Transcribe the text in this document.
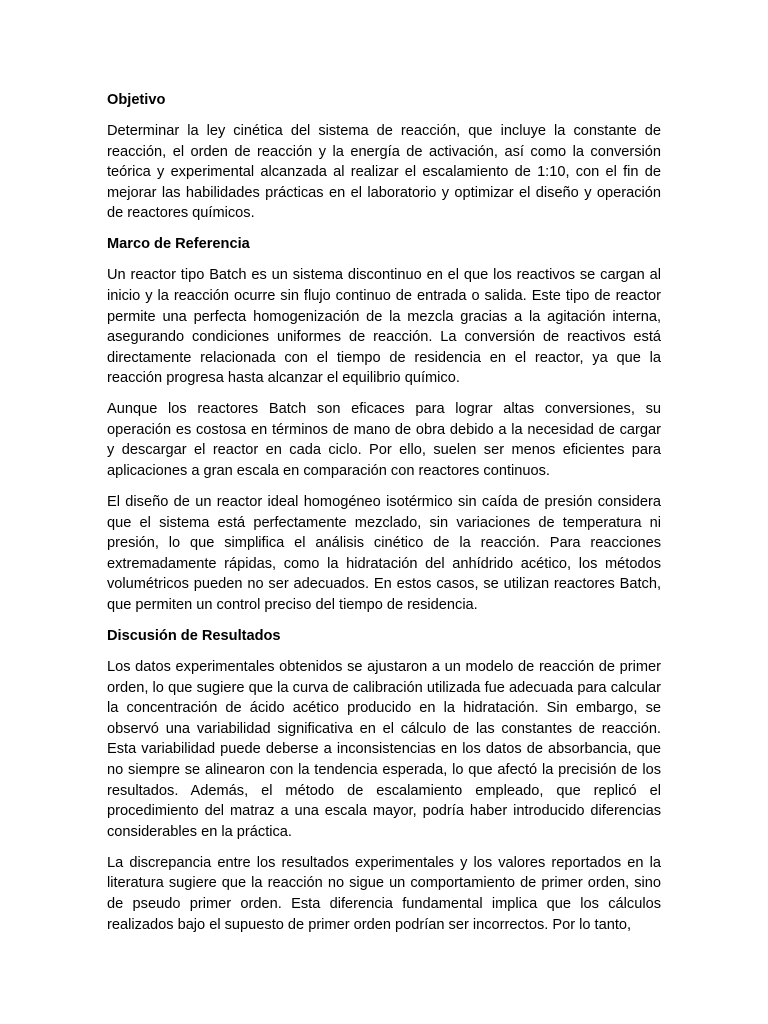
Objetivo

Determinar la ley cinética del sistema de reacción, que incluye la constante de reacción, el orden de reacción y la energía de activación, así como la conversión teórica y experimental alcanzada al realizar el escalamiento de 1:10, con el fin de mejorar las habilidades prácticas en el laboratorio y optimizar el diseño y operación de reactores químicos.

Marco de Referencia

Un reactor tipo Batch es un sistema discontinuo en el que los reactivos se cargan al inicio y la reacción ocurre sin flujo continuo de entrada o salida. Este tipo de reactor permite una perfecta homogenización de la mezcla gracias a la agitación interna, asegurando condiciones uniformes de reacción. La conversión de reactivos está directamente relacionada con el tiempo de residencia en el reactor, ya que la reacción progresa hasta alcanzar el equilibrio químico.

Aunque los reactores Batch son eficaces para lograr altas conversiones, su operación es costosa en términos de mano de obra debido a la necesidad de cargar y descargar el reactor en cada ciclo. Por ello, suelen ser menos eficientes para aplicaciones a gran escala en comparación con reactores continuos.

El diseño de un reactor ideal homogéneo isotérmico sin caída de presión considera que el sistema está perfectamente mezclado, sin variaciones de temperatura ni presión, lo que simplifica el análisis cinético de la reacción. Para reacciones extremadamente rápidas, como la hidratación del anhídrido acético, los métodos volumétricos pueden no ser adecuados. En estos casos, se utilizan reactores Batch, que permiten un control preciso del tiempo de residencia.

Discusión de Resultados

Los datos experimentales obtenidos se ajustaron a un modelo de reacción de primer orden, lo que sugiere que la curva de calibración utilizada fue adecuada para calcular la concentración de ácido acético producido en la hidratación. Sin embargo, se observó una variabilidad significativa en el cálculo de las constantes de reacción. Esta variabilidad puede deberse a inconsistencias en los datos de absorbancia, que no siempre se alinearon con la tendencia esperada, lo que afectó la precisión de los resultados. Además, el método de escalamiento empleado, que replicó el procedimiento del matraz a una escala mayor, podría haber introducido diferencias considerables en la práctica.

La discrepancia entre los resultados experimentales y los valores reportados en la literatura sugiere que la reacción no sigue un comportamiento de primer orden, sino de pseudo primer orden. Esta diferencia fundamental implica que los cálculos realizados bajo el supuesto de primer orden podrían ser incorrectos. Por lo tanto,
